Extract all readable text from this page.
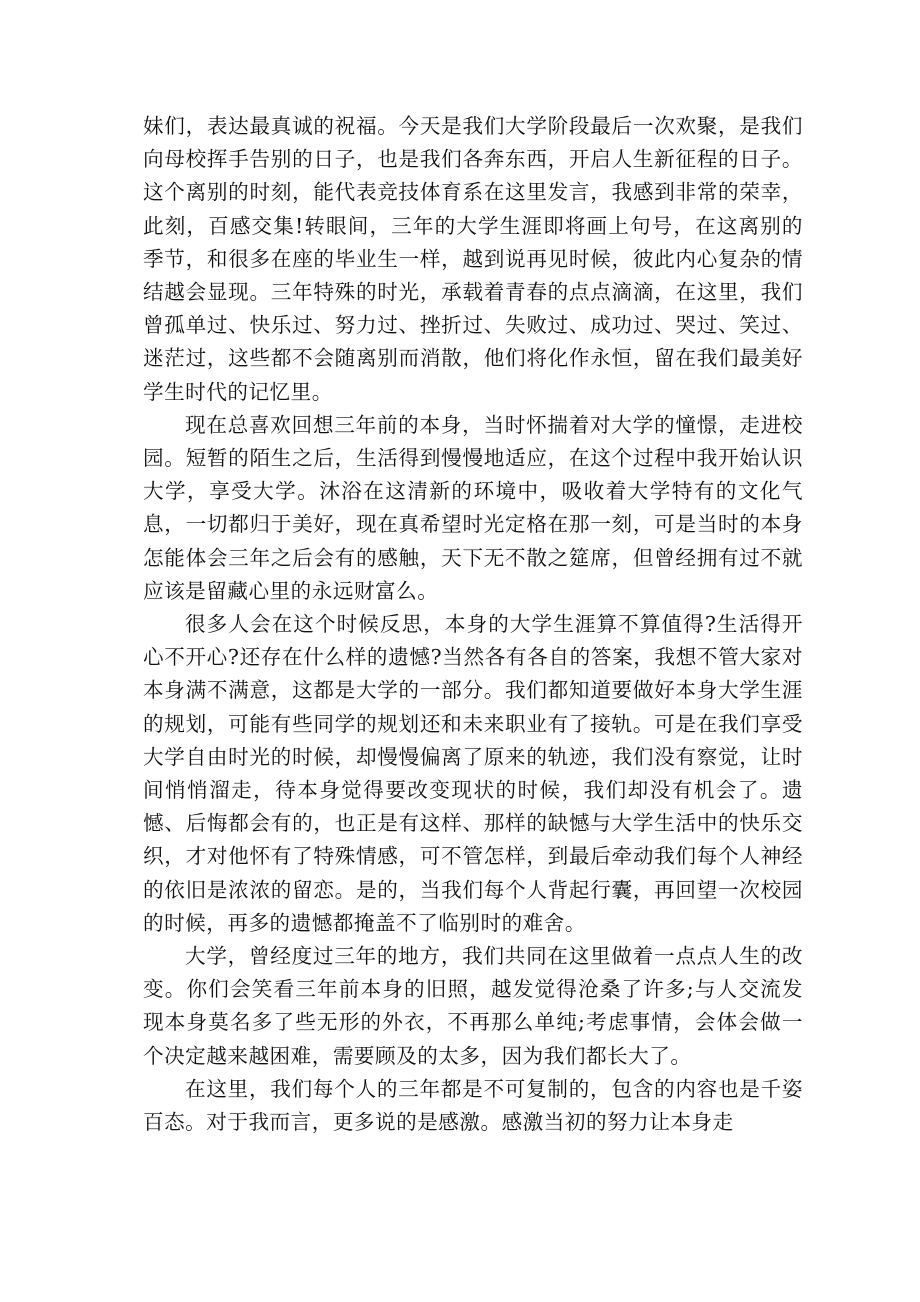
妹们，表达最真诚的祝福。今天是我们大学阶段最后一次欢聚，是我们向母校挥手告别的日子，也是我们各奔东西，开启人生新征程的日子。这个离别的时刻，能代表竞技体育系在这里发言，我感到非常的荣幸，此刻，百感交集!转眼间，三年的大学生涯即将画上句号，在这离别的季节，和很多在座的毕业生一样，越到说再见时候，彼此内心复杂的情结越会显现。三年特殊的时光，承载着青春的点点滴滴，在这里，我们曾孤单过、快乐过、努力过、挫折过、失败过、成功过、哭过、笑过、迷茫过，这些都不会随离别而消散，他们将化作永恒，留在我们最美好学生时代的记忆里。

现在总喜欢回想三年前的本身，当时怀揣着对大学的憧憬，走进校园。短暂的陌生之后，生活得到慢慢地适应，在这个过程中我开始认识大学，享受大学。沐浴在这清新的环境中，吸收着大学特有的文化气息，一切都归于美好，现在真希望时光定格在那一刻，可是当时的本身怎能体会三年之后会有的感触，天下无不散之筵席，但曾经拥有过不就应该是留藏心里的永远财富么。

很多人会在这个时候反思，本身的大学生涯算不算值得?生活得开心不开心?还存在什么样的遗憾?当然各有各自的答案，我想不管大家对本身满不满意，这都是大学的一部分。我们都知道要做好本身大学生涯的规划，可能有些同学的规划还和未来职业有了接轨。可是在我们享受大学自由时光的时候，却慢慢偏离了原来的轨迹，我们没有察觉，让时间悄悄溜走，待本身觉得要改变现状的时候，我们却没有机会了。遗憾、后悔都会有的，也正是有这样、那样的缺憾与大学生活中的快乐交织，才对他怀有了特殊情感，可不管怎样，到最后牵动我们每个人神经的依旧是浓浓的留恋。是的，当我们每个人背起行囊，再回望一次校园的时候，再多的遗憾都掩盖不了临别时的难舍。

大学，曾经度过三年的地方，我们共同在这里做着一点点人生的改变。你们会笑看三年前本身的旧照，越发觉得沧桑了许多;与人交流发现本身莫名多了些无形的外衣，不再那么单纯;考虑事情，会体会做一个决定越来越困难，需要顾及的太多，因为我们都长大了。

在这里，我们每个人的三年都是不可复制的，包含的内容也是千姿百态。对于我而言，更多说的是感激。感激当初的努力让本身走
